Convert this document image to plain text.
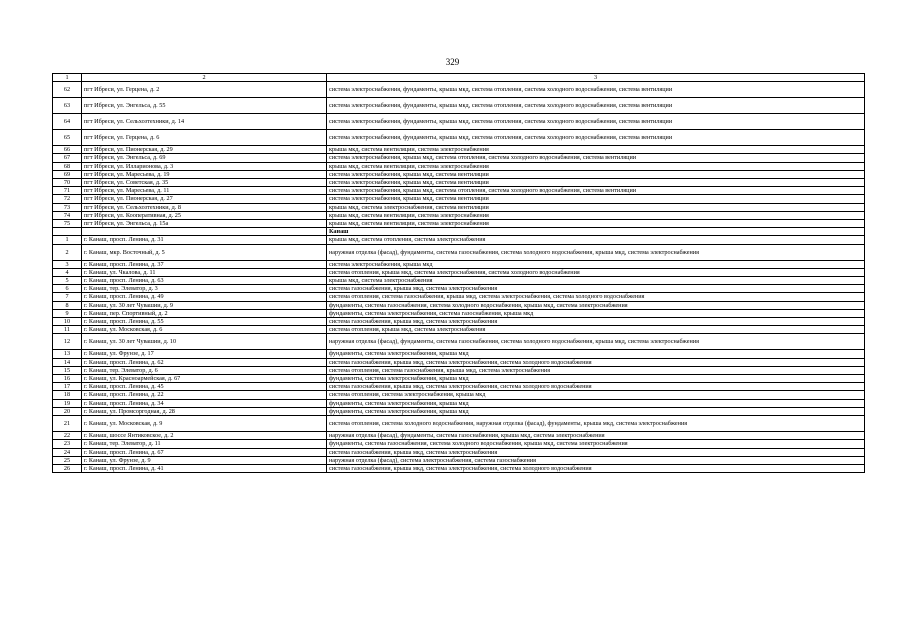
329
1	2	3
62	пгт Ибреси, ул. Герцена, д. 2	система электроснабжения, фундаменты, крыша мкд, система отопления, система холодного водоснабжения, система вентиляции
63	пгт Ибреси, ул. Энгельса, д. 55	система электроснабжения, фундаменты, крыша мкд, система отопления, система холодного водоснабжения, система вентиляции
64	пгт Ибреси, ул. Сельхозтехники, д. 14	система электроснабжения, фундаменты, крыша мкд, система отопления, система холодного водоснабжения, система вентиляции
65	пгт Ибреси, ул. Герцена, д. 6	система электроснабжения, фундаменты, крыша мкд, система отопления, система холодного водоснабжения, система вентиляции
66	пгт Ибреси, ул. Пионерская, д. 29	крыша мкд, система вентиляции, система электроснабжения
67	пгт Ибреси, ул. Энгельса, д. 69	система электроснабжения, крыша мкд, система отопления, система холодного водоснабжения, система вентиляции
68	пгт Ибреси, ул. Илларионова, д. 3	крыша мкд, система вентиляции, система электроснабжения
69	пгт Ибреси, ул. Маресьева, д. 19	система электроснабжения, крыша мкд, система вентиляции
70	пгт Ибреси, ул. Советская, д. 35	система электроснабжения, крыша мкд, система вентиляции
71	пгт Ибреси, ул. Маресьева, д. 11	система электроснабжения, крыша мкд, система отопления, система холодного водоснабжения, система вентиляции
72	пгт Ибреси, ул. Пионерская, д. 27	система электроснабжения, крыша мкд, система вентиляции
73	пгт Ибреси, ул. Сельхозтехники, д. 8	крыша мкд, система электроснабжения, система вентиляции
74	пгт Ибреси, ул. Кооперативная, д. 25	крыша мкд, система вентиляции, система электроснабжения
75	пгт Ибреси, ул. Энгельса, д. 15а	крыша мкд, система вентиляции, система электроснабжения
		Канаш
1	г. Канаш, просп. Ленина, д. 31	крыша мкд, система отопления, система электроснабжения
2	г. Канаш, мкр. Восточный, д. 5	наружная отделка (фасад), фундаменты, система газоснабжения, система холодного водоснабжения, крыша мкд, система электроснабжения
3	г. Канаш, просп. Ленина, д. 37	система электроснабжения, крыша мкд
4	г. Канаш, ул. Чкалова, д. 11	система отопления, крыша мкд, система электроснабжения, система холодного водоснабжения
5	г. Канаш, просп. Ленина, д. 63	крыша мкд, система электроснабжения
6	г. Канаш, тер. Элеватор, д. 3	система газоснабжения, крыша мкд, система электроснабжения
7	г. Канаш, просп. Ленина, д. 49	система отопления, система газоснабжения, крыша мкд, система электроснабжения, система холодного водоснабжения
8	г. Канаш, ул. 30 лет Чувашии, д. 9	фундаменты, система газоснабжения, система холодного водоснабжения, крыша мкд, система электроснабжения
9	г. Канаш, пер. Спортивный, д. 2	фундаменты, система электроснабжения, система газоснабжения, крыша мкд
10	г. Канаш, просп. Ленина, д. 55	система газоснабжения, крыша мкд, система электроснабжения
11	г. Канаш, ул. Московская, д. 6	система отопления, крыша мкд, система электроснабжения
12	г. Канаш, ул. 30 лет Чувашии, д. 10	наружная отделка (фасад), фундаменты, система газоснабжения, система холодного водоснабжения, крыша мкд, система электроснабжения
13	г. Канаш, ул. Фрунзе, д. 17	фундаменты, система электроснабжения, крыша мкд
14	г. Канаш, просп. Ленина, д. 62	система газоснабжения, крыша мкд, система электроснабжения, система холодного водоснабжения
15	г. Канаш, тер. Элеватор, д. 6	система отопления, система газоснабжения, крыша мкд, система электроснабжения
16	г. Канаш, ул. Красноармейская, д. 67	фундаменты, система электроснабжения, крыша мкд
17	г. Канаш, просп. Ленина, д. 45	система газоснабжения, крыша мкд, система электроснабжения, система холодного водоснабжения
18	г. Канаш, просп. Ленина, д. 22	система отопления, система электроснабжения, крыша мкд
19	г. Канаш, просп. Ленина, д. 34	фундаменты, система электроснабжения, крыша мкд
20	г. Канаш, ул. Промсоргодная, д. 28	фундаменты, система электроснабжения, крыша мкд
21	г. Канаш, ул. Московская, д. 9	система отопления, система холодного водоснабжения, наружная отделка (фасад), фундаменты, крыша мкд, система электроснабжения
22	г. Канаш, шоссе Янтиковское, д. 2	наружная отделка (фасад), фундаменты, система газоснабжения, крыша мкд, система электроснабжения
23	г. Канаш, тер. Элеватор, д. 11	фундаменты, система газоснабжения, система холодного водоснабжения, крыша мкд, система электроснабжения
24	г. Канаш, просп. Ленина, д. 67	система газоснабжения, крыша мкд, система электроснабжения
25	г. Канаш, ул. Фрунзе, д. 9	наружная отделка (фасад), система электроснабжения, система газоснабжения
26	г. Канаш, просп. Ленина, д. 41	система газоснабжения, крыша мкд, система электроснабжения, система холодного водоснабжения
